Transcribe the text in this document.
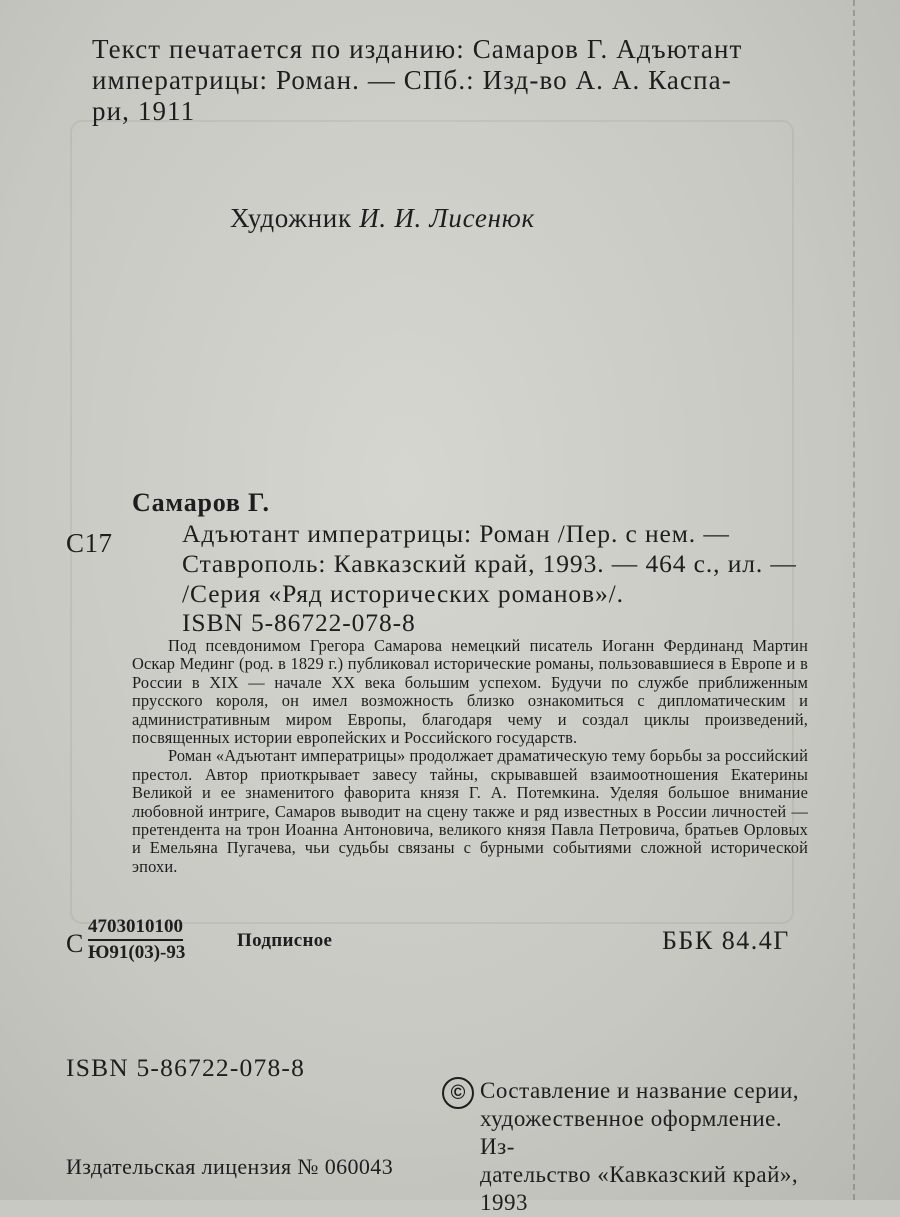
Текст печатается по изданию: Самаров Г. Адъютант
императрицы: Роман. — СПб.: Изд-во А. А. Каспа-
ри, 1911
Художник И. И. Лисенюк
Самаров Г.
С17	Адъютант императрицы: Роман /Пер. с нем. —
Ставрополь: Кавказский край, 1993. — 464 с., ил. —
/Серия «Ряд исторических романов»/.
ISBN 5-86722-078-8

Под псевдонимом Грегора Самарова немецкий писатель Иоганн Фердинанд Мартин Оскар Мединг (род. в 1829 г.) публиковал исторические романы, пользовавшиеся в Европе и в России в XIX — начале XX века большим успехом. Будучи по службе приближенным прусского короля, он имел возможность близко ознакомиться с дипломатическим и административным миром Европы, благодаря чему и создал циклы произведений, посвященных истории европейских и Российского государств.

Роман «Адъютант императрицы» продолжает драматическую тему борьбы за российский престол. Автор приоткрывает завесу тайны, скрывавшей взаимоотношения Екатерины Великой и ее знаменитого фаворита князя Г. А. Потемкина. Уделяя большое внимание любовной интриге, Самаров выводит на сцену также и ряд известных в России личностей — претендента на трон Иоанна Антоновича, великого князя Павла Петровича, братьев Орловых и Емельяна Пугачева, чьи судьбы связаны с бурными событиями сложной исторической эпохи.

С
4703010100
Ю91(03)-93
Подписное	ББК 84.4Г
ISBN 5-86722-078-8
© Составление и название серии,
художественное оформление. Из-
дательство «Кавказский край»,
1993
Издательская лицензия № 060043
